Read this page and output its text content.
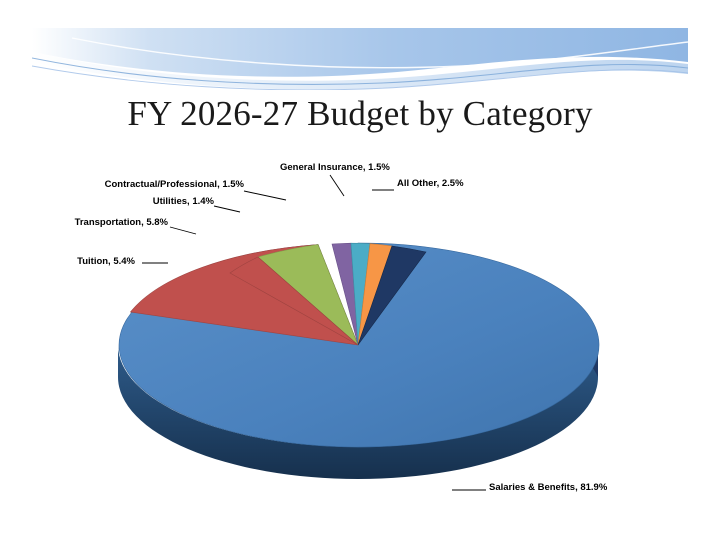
FY 2026-27 Budget by Category
Tuition, 5.4%
Transportation, 5.8%
Utilities, 1.4%
Contractual/Professional, 1.5%
General Insurance, 1.5%
All Other, 2.5%
Salaries & Benefits, 81.9%
